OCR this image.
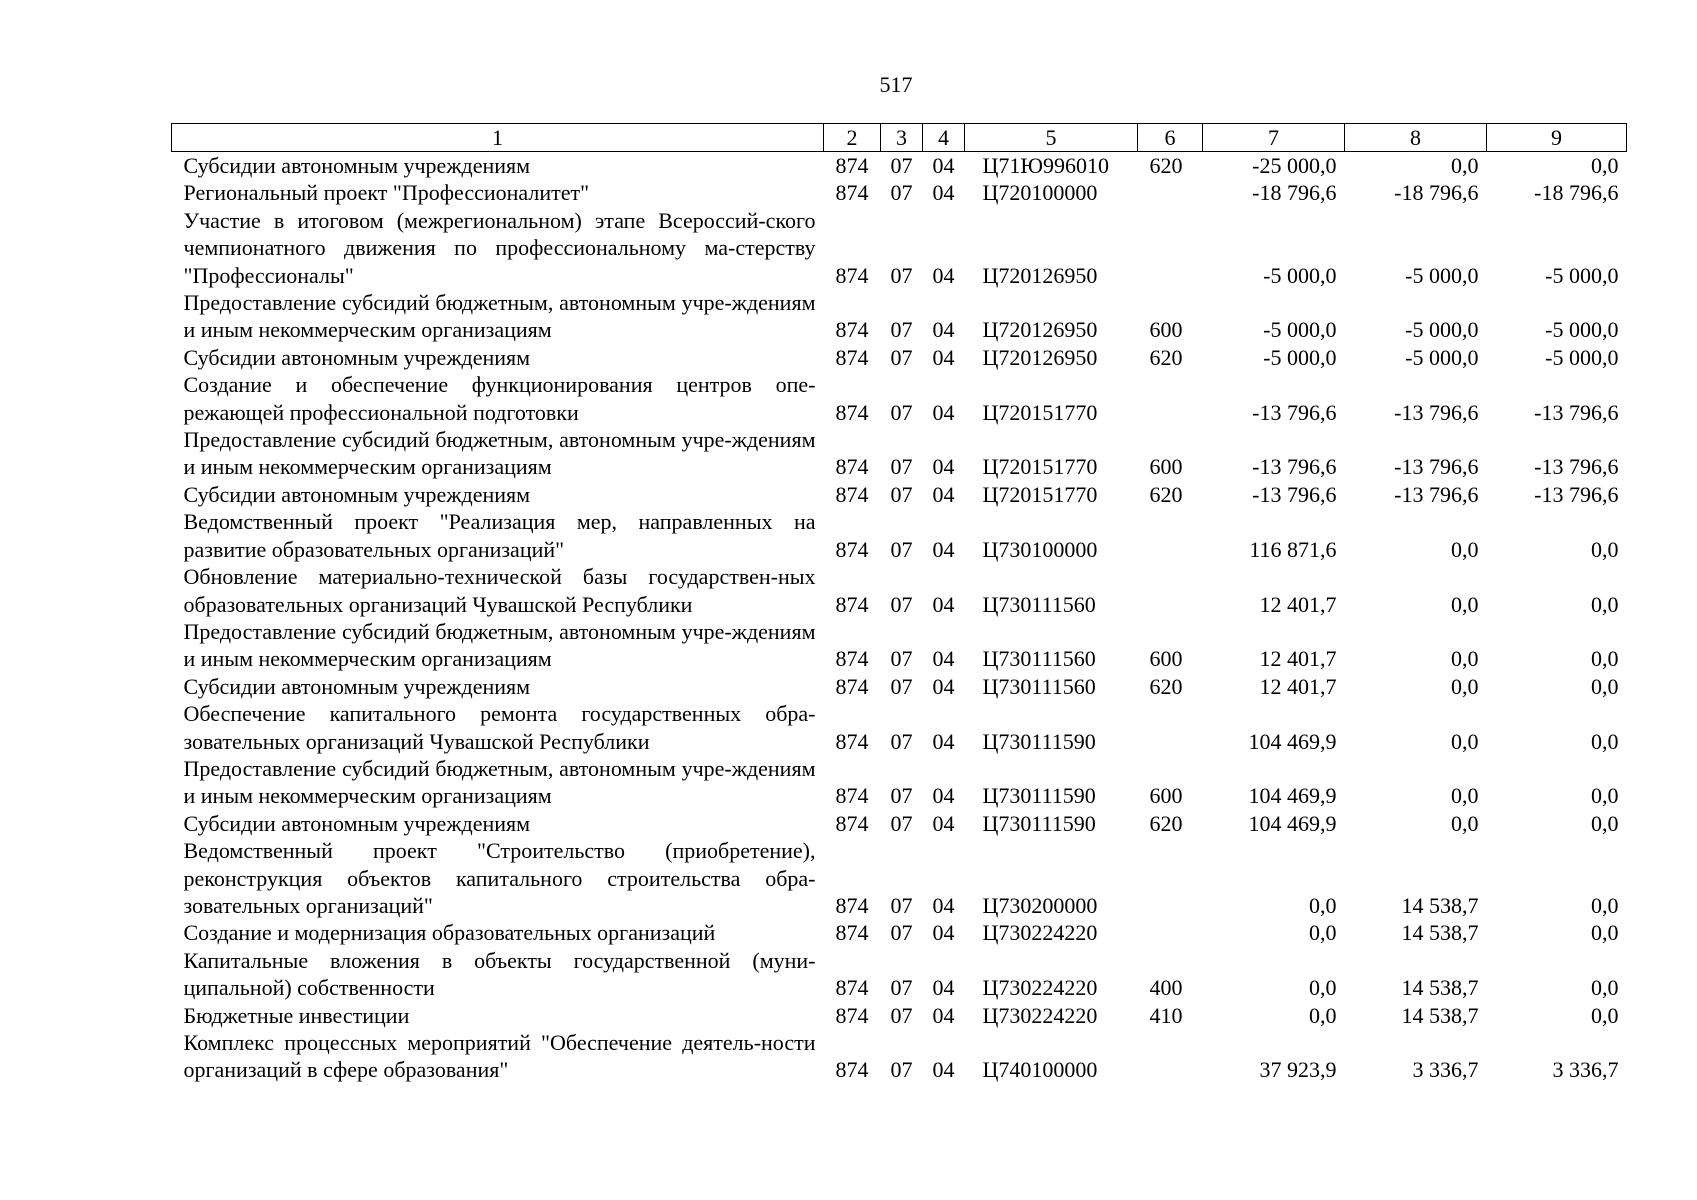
517
1	2	3	4	5	6	7	8	9
Субсидии автономным учреждениям	874	07	04	Ц71Ю996010	620	-25 000,0	0,0	0,0
Региональный проект "Профессионалитет"	874	07	04	Ц720100000		-18 796,6	-18 796,6	-18 796,6
Участие в итоговом (межрегиональном) этапе Всероссий-ского чемпионатного движения по профессиональному ма-стерству "Профессионалы"	874	07	04	Ц720126950		-5 000,0	-5 000,0	-5 000,0
Предоставление субсидий бюджетным, автономным учре-ждениям и иным некоммерческим организациям	874	07	04	Ц720126950	600	-5 000,0	-5 000,0	-5 000,0
Субсидии автономным учреждениям	874	07	04	Ц720126950	620	-5 000,0	-5 000,0	-5 000,0
Создание и обеспечение функционирования центров опе-режающей профессиональной подготовки	874	07	04	Ц720151770		-13 796,6	-13 796,6	-13 796,6
Предоставление субсидий бюджетным, автономным учре-ждениям и иным некоммерческим организациям	874	07	04	Ц720151770	600	-13 796,6	-13 796,6	-13 796,6
Субсидии автономным учреждениям	874	07	04	Ц720151770	620	-13 796,6	-13 796,6	-13 796,6
Ведомственный проект "Реализация мер, направленных на развитие образовательных организаций"	874	07	04	Ц730100000		116 871,6	0,0	0,0
Обновление материально-технической базы государствен-ных образовательных организаций Чувашской Республики	874	07	04	Ц730111560		12 401,7	0,0	0,0
Предоставление субсидий бюджетным, автономным учре-ждениям и иным некоммерческим организациям	874	07	04	Ц730111560	600	12 401,7	0,0	0,0
Субсидии автономным учреждениям	874	07	04	Ц730111560	620	12 401,7	0,0	0,0
Обеспечение капитального ремонта государственных обра-зовательных организаций Чувашской Республики	874	07	04	Ц730111590		104 469,9	0,0	0,0
Предоставление субсидий бюджетным, автономным учре-ждениям и иным некоммерческим организациям	874	07	04	Ц730111590	600	104 469,9	0,0	0,0
Субсидии автономным учреждениям	874	07	04	Ц730111590	620	104 469,9	0,0	0,0
Ведомственный проект "Строительство (приобретение), реконструкция объектов капитального строительства обра-зовательных организаций"	874	07	04	Ц730200000		0,0	14 538,7	0,0
Создание и модернизация образовательных организаций	874	07	04	Ц730224220		0,0	14 538,7	0,0
Капитальные вложения в объекты государственной (муни-ципальной) собственности	874	07	04	Ц730224220	400	0,0	14 538,7	0,0
Бюджетные инвестиции	874	07	04	Ц730224220	410	0,0	14 538,7	0,0
Комплекс процессных мероприятий "Обеспечение деятель-ности организаций в сфере образования"	874	07	04	Ц740100000		37 923,9	3 336,7	3 336,7
